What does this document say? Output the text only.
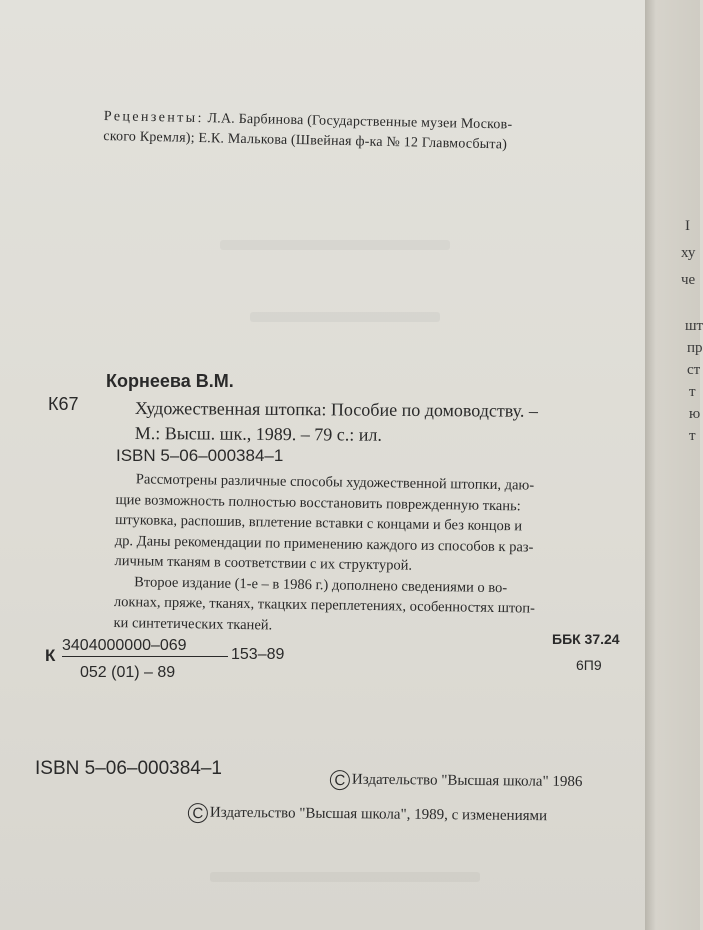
Рецензенты: Л.А. Барбинова (Государственные музеи Москов-
ского Кремля); Е.К. Малькова (Швейная ф-ка № 12 Главмосбыта)
Корнеева В.М.
К67	Художественная штопка: Пособие по домоводству. –
М.: Высш. шк., 1989. – 79 с.: ил.
ISBN 5–06–000384–1
Рассмотрены различные способы художественной штопки, даю-
щие возможность полностью восстановить поврежденную ткань:
штуковка, распошив, вплетение вставки с концами и без концов и
др. Даны рекомендации по применению каждого из способов к раз-
личным тканям в соответствии с их структурой.
Второе издание (1-е – в 1986 г.) дополнено сведениями о во-
локнах, пряже, тканях, ткацких переплетениях, особенностях штоп-
ки синтетических тканей.
К
3404000000–069
052 (01) – 89
153–89
ББК 37.24
6П9
ISBN 5–06–000384–1
C Издательство "Высшая школа" 1986
C Издательство "Высшая школа", 1989, с изменениями
I
ху
че
шт
пр
ст
т
ю
т
